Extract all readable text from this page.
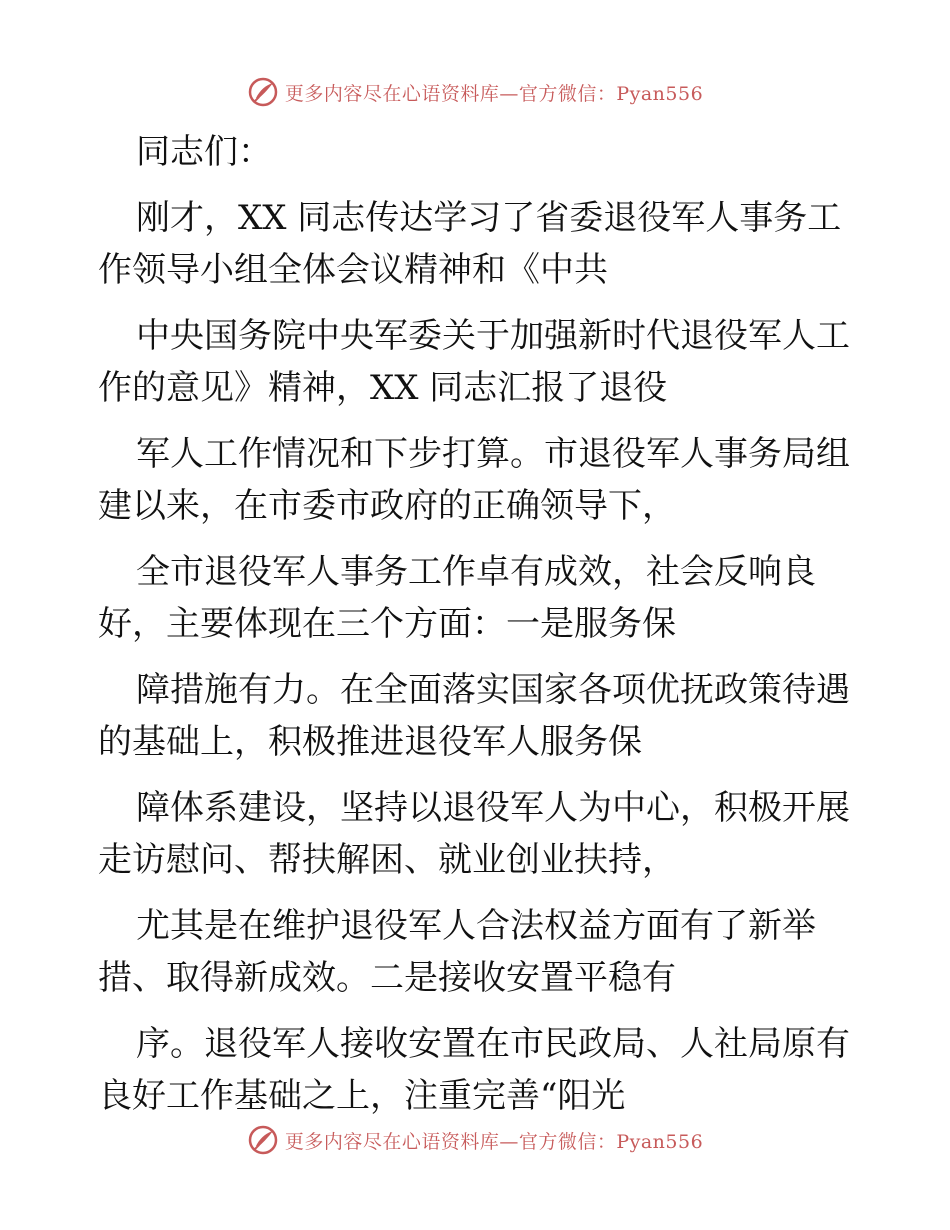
更多内容尽在心语资料库—官方微信：Pyan556
同志们：
刚才，XX 同志传达学习了省委退役军人事务工
作领导小组全体会议精神和《中共
中央国务院中央军委关于加强新时代退役军人工
作的意见》精神，XX 同志汇报了退役
军人工作情况和下步打算。市退役军人事务局组
建以来，在市委市政府的正确领导下，
全市退役军人事务工作卓有成效，社会反响良
好，主要体现在三个方面：一是服务保
障措施有力。在全面落实国家各项优抚政策待遇
的基础上，积极推进退役军人服务保
障体系建设，坚持以退役军人为中心，积极开展
走访慰问、帮扶解困、就业创业扶持，
尤其是在维护退役军人合法权益方面有了新举
措、取得新成效。二是接收安置平稳有
序。退役军人接收安置在市民政局、人社局原有
良好工作基础之上，注重完善“阳光
更多内容尽在心语资料库—官方微信：Pyan556
